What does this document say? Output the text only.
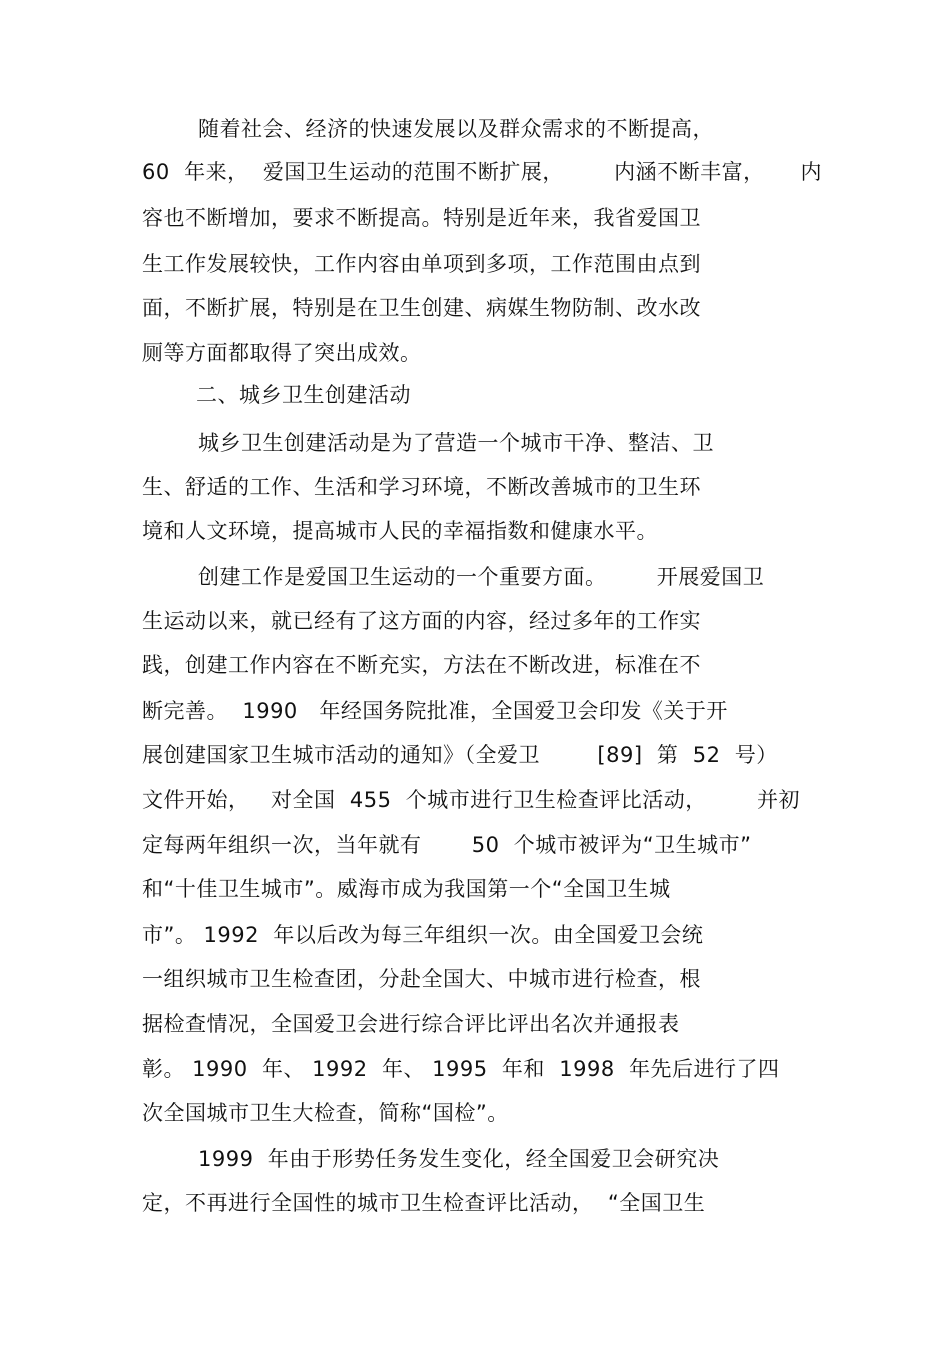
随着社会、经济的快速发展以及群众需求的不断提高，
60  年来，  爱国卫生运动的范围不断扩展，       内涵不断丰富，     内
容也不断增加，要求不断提高。特别是近年来，我省爱国卫
生工作发展较快，工作内容由单项到多项，工作范围由点到
面，不断扩展，特别是在卫生创建、病媒生物防制、改水改
厕等方面都取得了突出成效。
二、城乡卫生创建活动
城乡卫生创建活动是为了营造一个城市干净、整洁、卫
生、舒适的工作、生活和学习环境，不断改善城市的卫生环
境和人文环境，提高城市人民的幸福指数和健康水平。
创建工作是爱国卫生运动的一个重要方面。       开展爱国卫
生运动以来，就已经有了这方面的内容，经过多年的工作实
践，创建工作内容在不断充实，方法在不断改进，标准在不
断完善。  1990   年经国务院批准，全国爱卫会印发《关于开
展创建国家卫生城市活动的通知》（全爱卫        [89]  第  52  号）
文件开始，   对全国  455  个城市进行卫生检查评比活动，       并初
定每两年组织一次，当年就有       50  个城市被评为“卫生城市”
和“十佳卫生城市”。威海市成为我国第一个“全国卫生城
市”。 1992  年以后改为每三年组织一次。由全国爱卫会统
一组织城市卫生检查团，分赴全国大、中城市进行检查，根
据检查情况，全国爱卫会进行综合评比评出名次并通报表
彰。 1990  年、 1992  年、 1995  年和  1998  年先后进行了四
次全国城市卫生大检查，简称“国检”。
1999  年由于形势任务发生变化，经全国爱卫会研究决
定，不再进行全国性的城市卫生检查评比活动，  “全国卫生
